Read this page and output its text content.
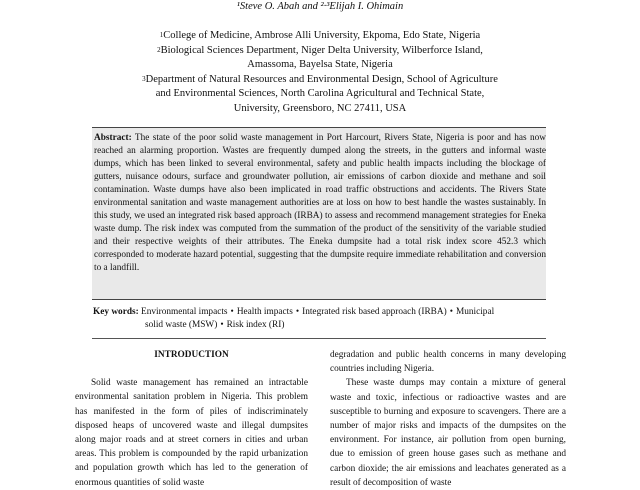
¹Steve O. Abah and ²·³Elijah I. Ohimain
$^1$College of Medicine, Ambrose Alli University, Ekpoma, Edo State, Nigeria
$^2$Biological Sciences Department, Niger Delta University, Wilberforce Island,
Amassoma, Bayelsa State, Nigeria
$^3$Department of Natural Resources and Environmental Design, School of Agriculture
and Environmental Sciences, North Carolina Agricultural and Technical State,
University, Greensboro, NC 27411, USA
Abstract: The state of the poor solid waste management in Port Harcourt, Rivers State, Nigeria is poor and has now reached an alarming proportion. Wastes are frequently dumped along the streets, in the gutters and informal waste dumps, which has been linked to several environmental, safety and public health impacts including the blockage of gutters, nuisance odours, surface and groundwater pollution, air emissions of carbon dioxide and methane and soil contamination. Waste dumps have also been implicated in road traffic obstructions and accidents. The Rivers State environmental sanitation and waste management authorities are at loss on how to best handle the wastes sustainably. In this study, we used an integrated risk based approach (IRBA) to assess and recommend management strategies for Eneka waste dump. The risk index was computed from the summation of the product of the sensitivity of the variable studied and their respective weights of their attributes. The Eneka dumpsite had a total risk index score 452.3 which corresponded to moderate hazard potential, suggesting that the dumpsite require immediate rehabilitation and conversion to a landfill.
Key words: Environmental impacts • Health impacts • Integrated risk based approach (IRBA) • Municipal
solid waste (MSW) • Risk index (RI)
INTRODUCTION

Solid waste management has remained an intractable environmental sanitation problem in Nigeria. This problem has manifested in the form of piles of indiscriminately disposed heaps of uncovered waste and illegal dumpsites along major roads and at street corners in cities and urban areas. This problem is compounded by the rapid urbanization and population growth which has led to the generation of enormous quantities of solid waste

degradation and public health concerns in many developing countries including Nigeria.

These waste dumps may contain a mixture of general waste and toxic, infectious or radioactive wastes and are susceptible to burning and exposure to scavengers. There are a number of major risks and impacts of the dumpsites on the environment. For instance, air pollution from open burning, due to emission of green house gases such as methane and carbon dioxide; the air emissions and leachates generated as a result of decomposition of waste
